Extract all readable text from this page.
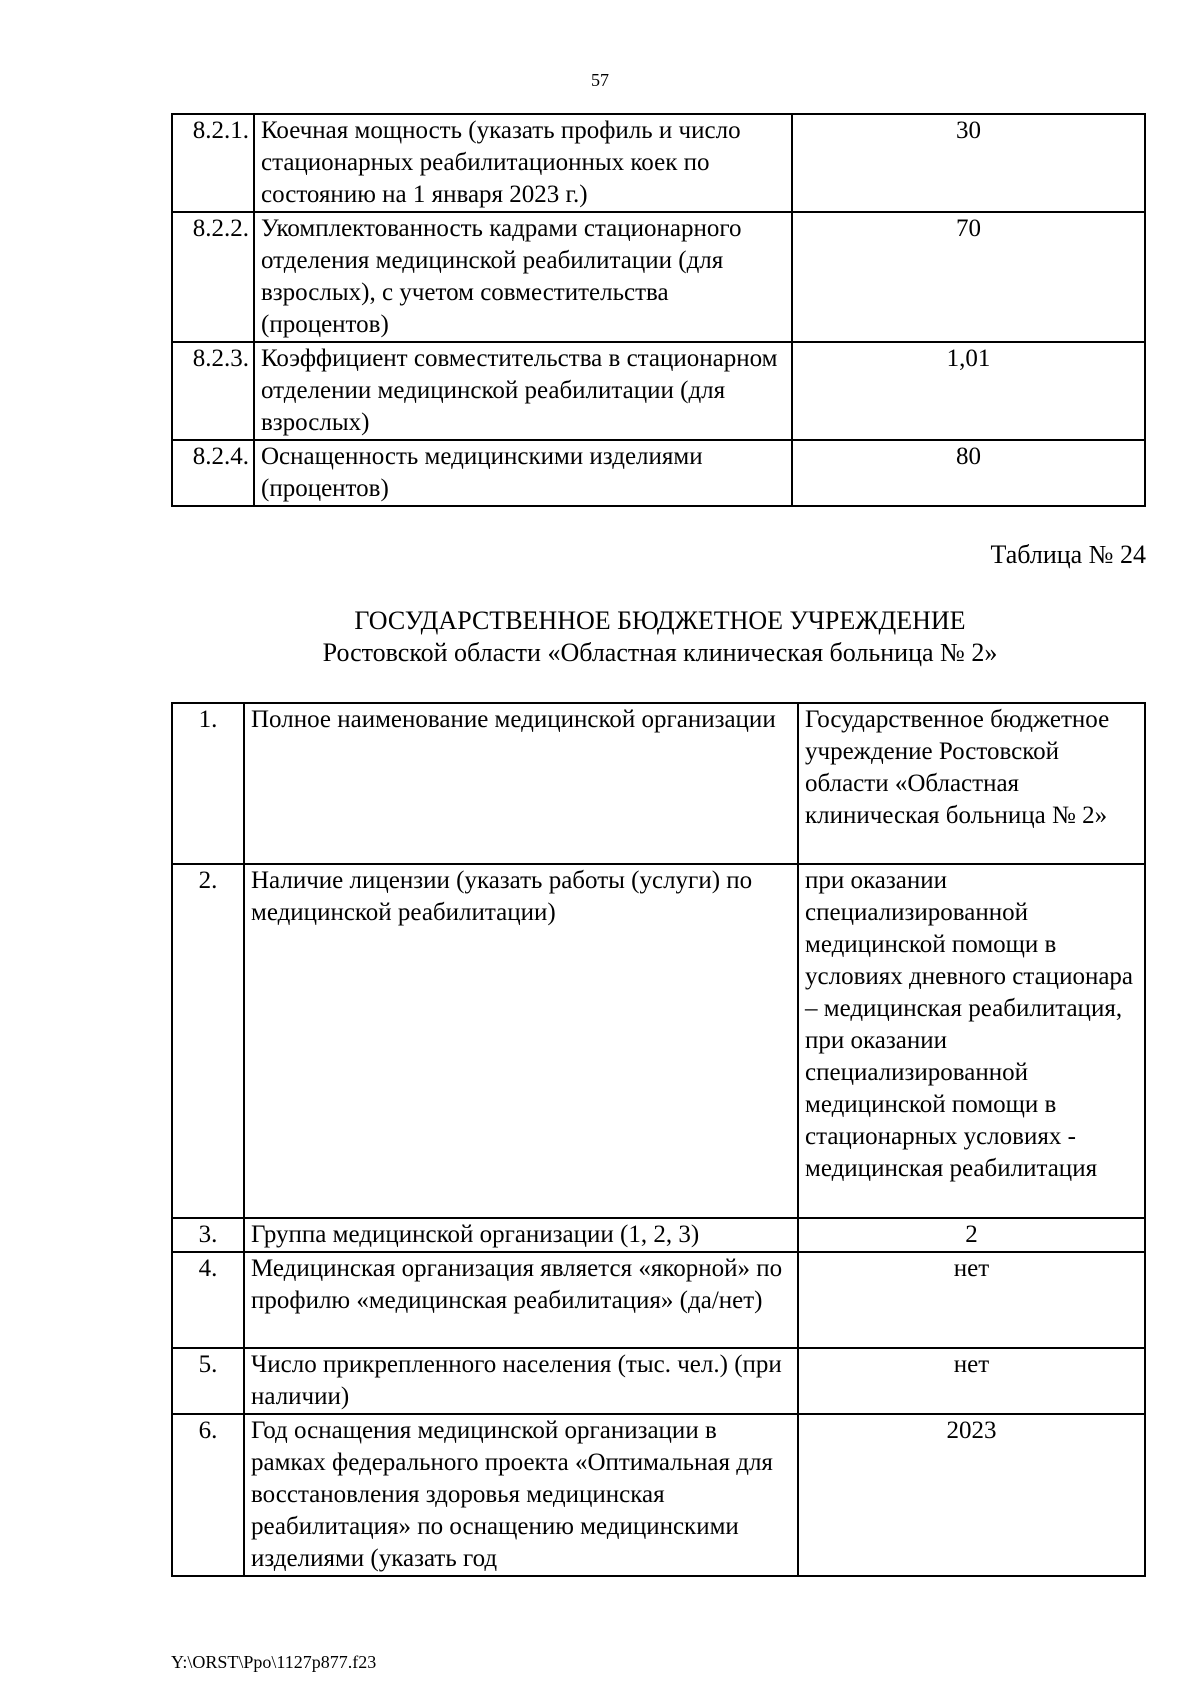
57
8.2.1.	Коечная мощность (указать профиль и число стационарных реабилитационных коек по состоянию на 1 января 2023 г.)	30
8.2.2.	Укомплектованность кадрами стационарного отделения медицинской реабилитации (для взрослых), с учетом совместительства (процентов)	70
8.2.3.	Коэффициент совместительства в стационарном отделении медицинской реабилитации (для взрослых)	1,01
8.2.4.	Оснащенность медицинскими изделиями (процентов)	80
Таблица № 24
ГОСУДАРСТВЕННОЕ БЮДЖЕТНОЕ УЧРЕЖДЕНИЕ
Ростовской области «Областная клиническая больница № 2»
1.	Полное наименование медицинской организации	Государственное бюджетное учреждение Ростовской области «Областная клиническая больница № 2»
2.	Наличие лицензии (указать работы (услуги) по медицинской реабилитации)	при оказании специализированной медицинской помощи в условиях дневного стационара – медицинская реабилитация, при оказании специализированной медицинской помощи в стационарных условиях - медицинская реабилитация
3.	Группа медицинской организации (1, 2, 3)	2
4.	Медицинская организация является «якорной» по профилю «медицинская реабилитация» (да/нет)	нет
5.	Число прикрепленного населения (тыс. чел.) (при наличии)	нет
6.	Год оснащения медицинской организации в рамках федерального проекта «Оптимальная для восстановления здоровья медицинская реабилитация» по оснащению медицинскими изделиями (указать год	2023
Y:\ORST\Ppo\1127p877.f23
